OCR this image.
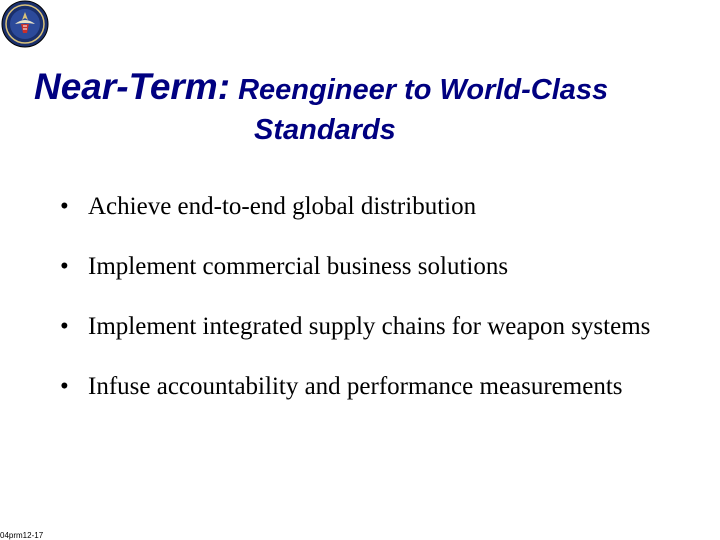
Near-Term: Reengineer to World-Class
Standards
• Achieve end-to-end global distribution
• Implement commercial business solutions
• Implement integrated supply chains for weapon systems
• Infuse accountability and performance measurements
04prm12-17
